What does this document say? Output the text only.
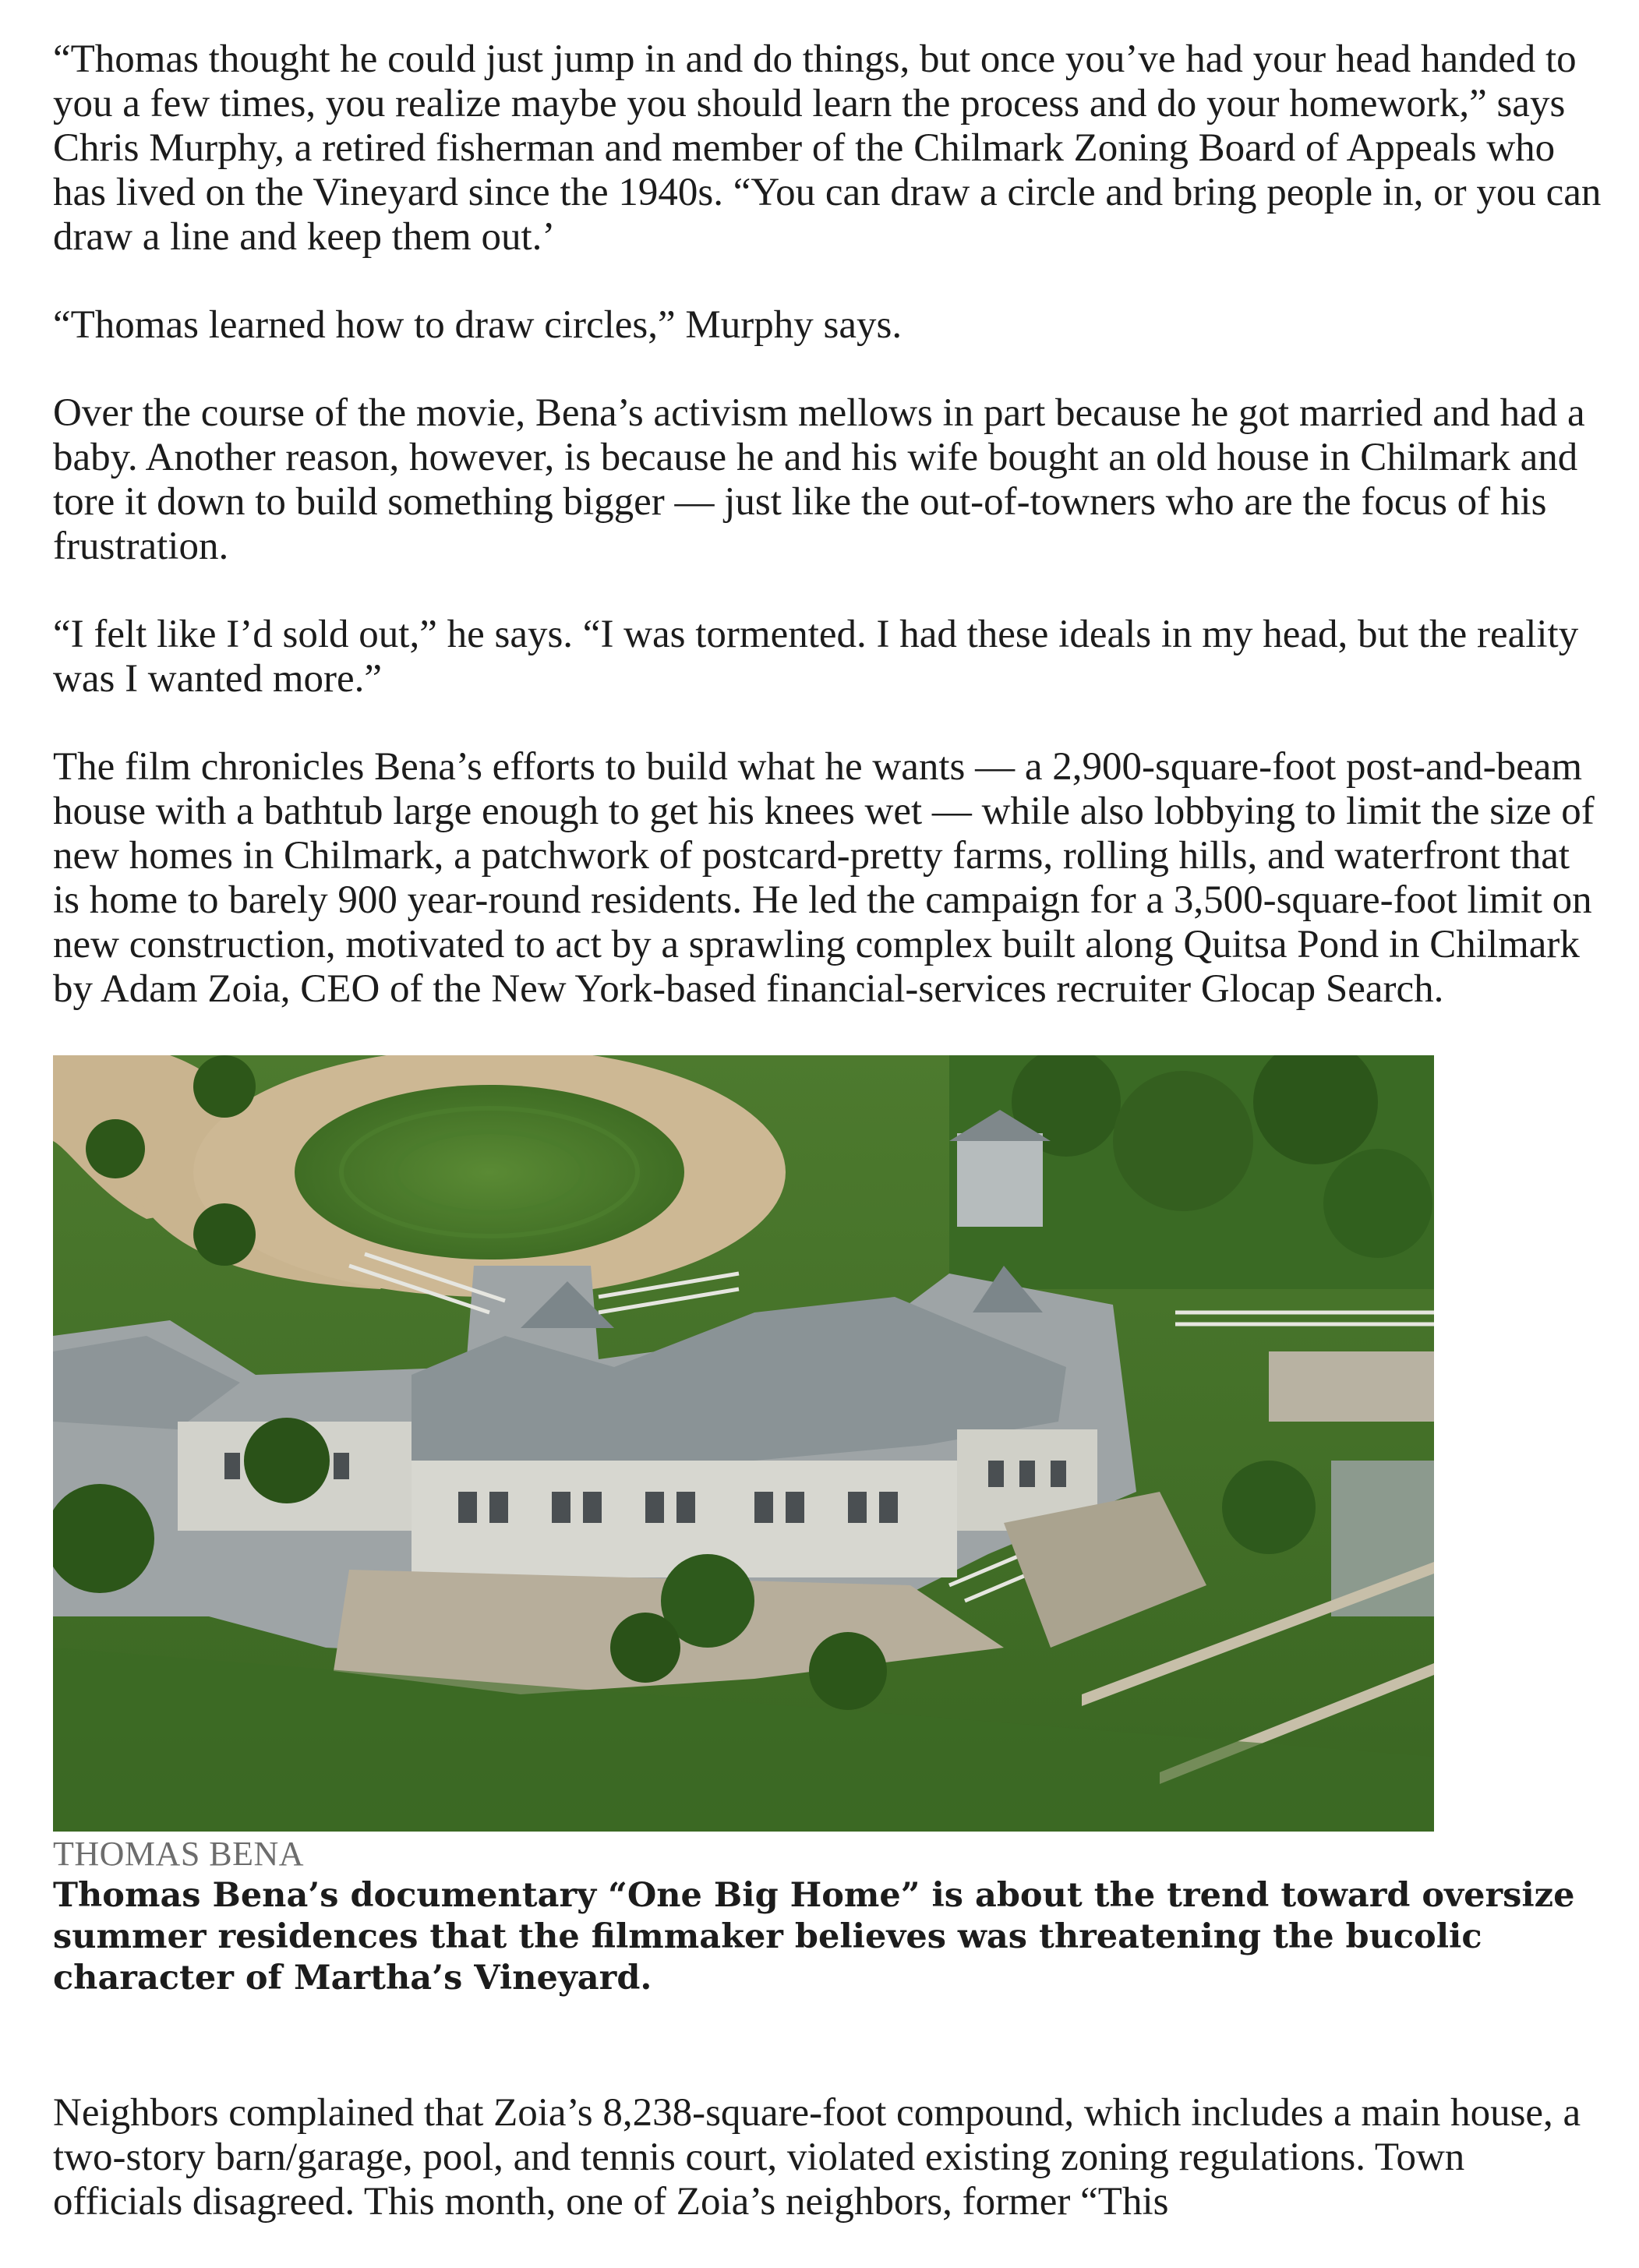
“Thomas thought he could just jump in and do things, but once you’ve had your head handed to you a few times, you realize maybe you should learn the process and do your homework,” says Chris Murphy, a retired fisherman and member of the Chilmark Zoning Board of Appeals who has lived on the Vineyard since the 1940s. “You can draw a circle and bring people in, or you can draw a line and keep them out.’

“Thomas learned how to draw circles,” Murphy says.

Over the course of the movie, Bena’s activism mellows in part because he got married and had a baby. Another reason, however, is because he and his wife bought an old house in Chilmark and tore it down to build something bigger — just like the out-of-towners who are the focus of his frustration.

“I felt like I’d sold out,” he says. “I was tormented. I had these ideals in my head, but the reality was I wanted more.”

The film chronicles Bena’s efforts to build what he wants — a 2,900-square-foot post-and-beam house with a bathtub large enough to get his knees wet — while also lobbying to limit the size of new homes in Chilmark, a patchwork of postcard-pretty farms, rolling hills, and waterfront that is home to barely 900 year-round residents. He led the campaign for a 3,500-square-foot limit on new construction, motivated to act by a sprawling complex built along Quitsa Pond in Chilmark by Adam Zoia, CEO of the New York-based financial-services recruiter Glocap Search.

THOMAS BENA

Thomas Bena’s documentary “One Big Home” is about the trend toward oversize summer residences that the filmmaker believes was threatening the bucolic character of Martha’s Vineyard.

Neighbors complained that Zoia’s 8,238-square-foot compound, which includes a main house, a two-story barn/garage, pool, and tennis court, violated existing zoning regulations. Town officials disagreed. This month, one of Zoia’s neighbors, former “This
